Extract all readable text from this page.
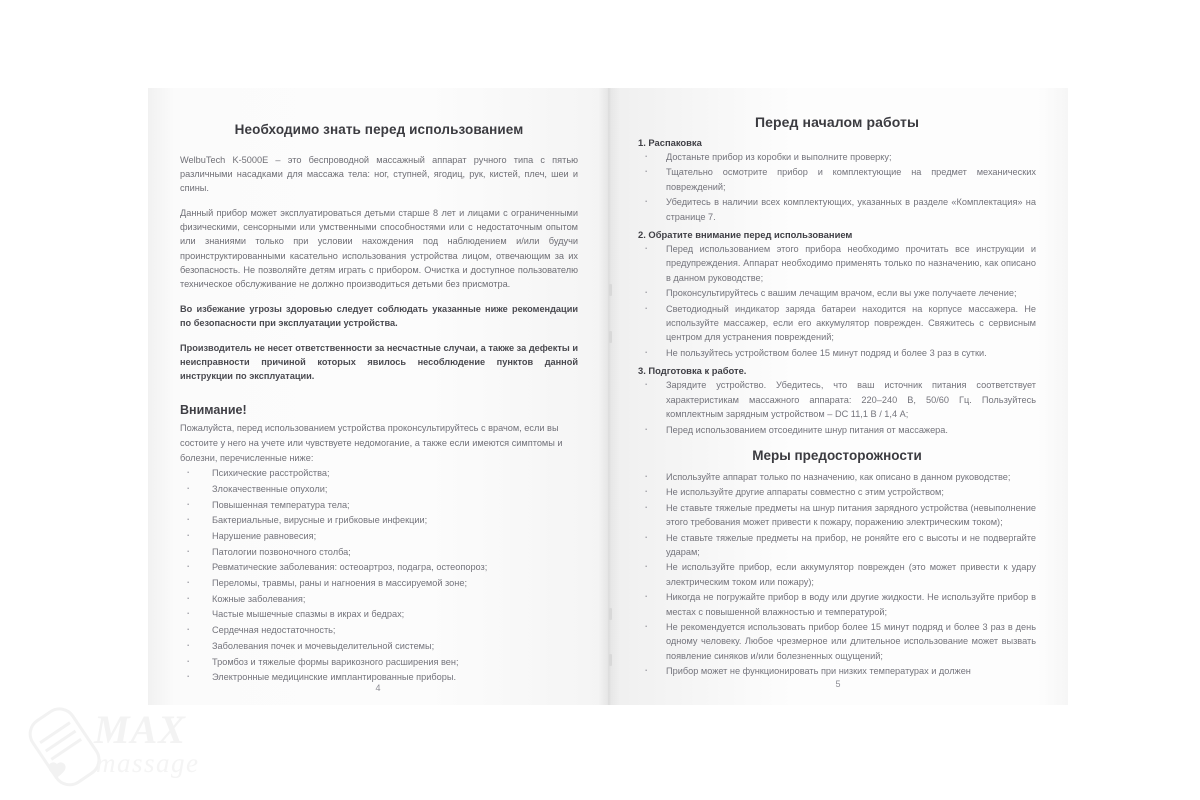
Необходимо знать перед использованием

WelbuTech K-5000E – это беспроводной массажный аппарат ручного типа с пятью различными насадками для массажа тела: ног, ступней, ягодиц, рук, кистей, плеч, шеи и спины.

Данный прибор может эксплуатироваться детьми старше 8 лет и лицами с ограниченными физическими, сенсорными или умственными способностями или с недостаточным опытом или знаниями только при условии нахождения под наблюдением и/или будучи проинструктированными касательно использования устройства лицом, отвечающим за их безопасность. Не позволяйте детям играть с прибором. Очистка и доступное пользователю техническое обслуживание не должно производиться детьми без присмотра.

Во избежание угрозы здоровью следует соблюдать указанные ниже рекомендации по безопасности при эксплуатации устройства.

Производитель не несет ответственности за несчастные случаи, а также за дефекты и неисправности причиной которых явилось несоблюдение пунктов данной инструкции по эксплуатации.

Внимание!

Пожалуйста, перед использованием устройства проконсультируйтесь с врачом, если вы состоите у него на учете или чувствуете недомогание, а также если имеются симптомы и болезни, перечисленные ниже:

· Психические расстройства;
· Злокачественные опухоли;
· Повышенная температура тела;
· Бактериальные, вирусные и грибковые инфекции;
· Нарушение равновесия;
· Патологии позвоночного столба;
· Ревматические заболевания: остеоартроз, подагра, остеопороз;
· Переломы, травмы, раны и нагноения в массируемой зоне;
· Кожные заболевания;
· Частые мышечные спазмы в икрах и бедрах;
· Сердечная недостаточность;
· Заболевания почек и мочевыделительной системы;
· Тромбоз и тяжелые формы варикозного расширения вен;
· Электронные медицинские имплантированные приборы.
4
Перед началом работы
1. Распаковка
· Достаньте прибор из коробки и выполните проверку;
· Тщательно осмотрите прибор и комплектующие на предмет механических повреждений;
· Убедитесь в наличии всех комплектующих, указанных в разделе «Комплектация» на странице 7.
2. Обратите внимание перед использованием
· Перед использованием этого прибора необходимо прочитать все инструкции и предупреждения. Аппарат необходимо применять только по назначению, как описано в данном руководстве;
· Проконсультируйтесь с вашим лечащим врачом, если вы уже получаете лечение;
· Светодиодный индикатор заряда батареи находится на корпусе массажера. Не используйте массажер, если его аккумулятор поврежден. Свяжитесь с сервисным центром для устранения повреждений;
· Не пользуйтесь устройством более 15 минут подряд и более 3 раз в сутки.
3. Подготовка к работе.
· Зарядите устройство. Убедитесь, что ваш источник питания соответствует характеристикам массажного аппарата: 220–240 В, 50/60 Гц. Пользуйтесь комплектным зарядным устройством – DC 11,1 В / 1,4 А;
· Перед использованием отсоедините шнур питания от массажера.
Меры предосторожности
· Используйте аппарат только по назначению, как описано в данном руководстве;
· Не используйте другие аппараты совместно с этим устройством;
· Не ставьте тяжелые предметы на шнур питания зарядного устройства (невыполнение этого требования может привести к пожару, поражению электрическим током);
· Не ставьте тяжелые предметы на прибор, не роняйте его с высоты и не подвергайте ударам;
· Не используйте прибор, если аккумулятор поврежден (это может привести к удару электрическим током или пожару);
· Никогда не погружайте прибор в воду или другие жидкости. Не используйте прибор в местах с повышенной влажностью и температурой;
· Не рекомендуется использовать прибор более 15 минут подряд и более 3 раз в день одному человеку. Любое чрезмерное или длительное использование может вызвать появление синяков и/или болезненных ощущений;
· Прибор может не функционировать при низких температурах и должен
5
MAX
massage
